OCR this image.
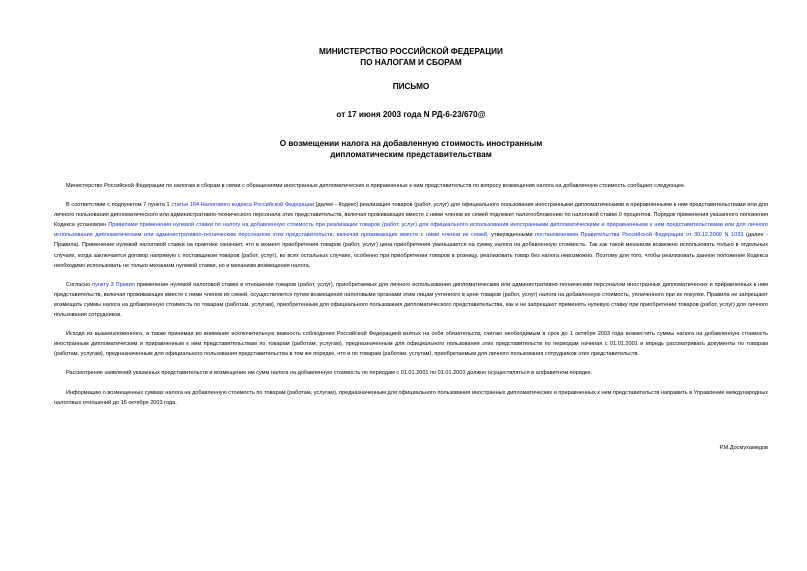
МИНИСТЕРСТВО РОССИЙСКОЙ ФЕДЕРАЦИИ
ПО НАЛОГАМ И СБОРАМ
ПИСЬМО
от 17 июня 2003 года N РД-6-23/670@
О возмещении налога на добавленную стоимость иностранным
дипломатическим представительствам

Министерство Российской Федерации по налогам и сборам в связи с обращениями иностранных дипломатических и приравненных к ним представительств по вопросу возмещения налога на добавленную стоимость сообщает следующее.

В соответствии с подпунктом 7 пункта 1 статьи 164 Налогового кодекса Российской Федерации (далее - Кодекс) реализация товаров (работ, услуг) для официального пользования иностранными дипломатическими и приравненными к ним представительствами или для личного пользования дипломатического или административно-технического персонала этих представительств, включая проживающих вместе с ними членов их семей подлежит налогообложению по налоговой ставке 0 процентов. Порядок применения указанного положения Кодекса установлен Правилами применения нулевой ставки по налогу на добавленную стоимость при реализации товаров (работ, услуг) для официального использования иностранными дипломатическими и приравненными к ним представительствами или для личного использования дипломатическим или административно-техническим персоналом этих представительств, включая проживающих вместе с ними членов их семей, утвержденными постановлением Правительства Российской Федерации от 30.12.2000 N 1033 (далее - Правила). Применение нулевой налоговой ставки на практике означает, что в момент приобретения товаров (работ, услуг) цена приобретения уменьшается на сумму налога на добавленную стоимость. Так как такой механизм возможно использовать только в отдельных случаях, когда заключается договор напрямую с поставщиком товаров (работ, услуг), во всех остальных случаях, особенно при приобретении товаров в розницу, реализовать товар без налога невозможно. Поэтому для того, чтобы реализовать данное положение Кодекса необходимо использовать не только механизм нулевой ставки, но и механизм возмещения налога.

Согласно пункту 3 Правил применение нулевой налоговой ставки в отношении товаров (работ, услуг), приобретаемых для личного использования дипломатическим или административно-техническим персоналом иностранных дипломатических и приравненных к ним представительств, включая проживающих вместе с ними членов их семей, осуществляется путем возмещения налоговыми органами этим лицам учтенного в цене товаров (работ, услуг) налога на добавленную стоимость, уплаченного при их покупке. Правила не запрещают возмещать суммы налога на добавленную стоимость по товарам (работам, услугам), приобретенным для официального пользования дипломатического представительства, как и не запрещают применять нулевую ставку при приобретении товаров (работ, услуг) для личного пользования сотрудников.

Исходя из вышеизложенного, а также принимая во внимание исключительную важность соблюдения Российской Федерацией взятых на себя обязательств, считаю необходимым в срок до 1 октября 2003 года возместить суммы налога на добавленную стоимость иностранным дипломатическим и приравненным к ним представительствам по товарам (работам, услугам), предназначенным для официального пользования этих представительств по периодам начиная с 01.01.2001 и впредь рассматривать документы по товарам (работам, услугам), предназначенным для официального пользования представительства в том же порядке, что и по товарам (работам, услугам), приобретаемым для личного пользования сотрудников этих представительств.

Рассмотрение заявлений указанных представительств и возмещение им сумм налога на добавленную стоимость по периодам с 01.01.2001 по 01.01.2003 должно осуществляться в алфавитном порядке.

Информацию о возмещенных суммах налога на добавленную стоимость по товарам (работам, услугам), предназначенным для официального пользования иностранных дипломатических и приравненных к ним представительств направить в Управление международных налоговых отношений до 15 октября 2003 года.

Р.М.Досмухамедов
